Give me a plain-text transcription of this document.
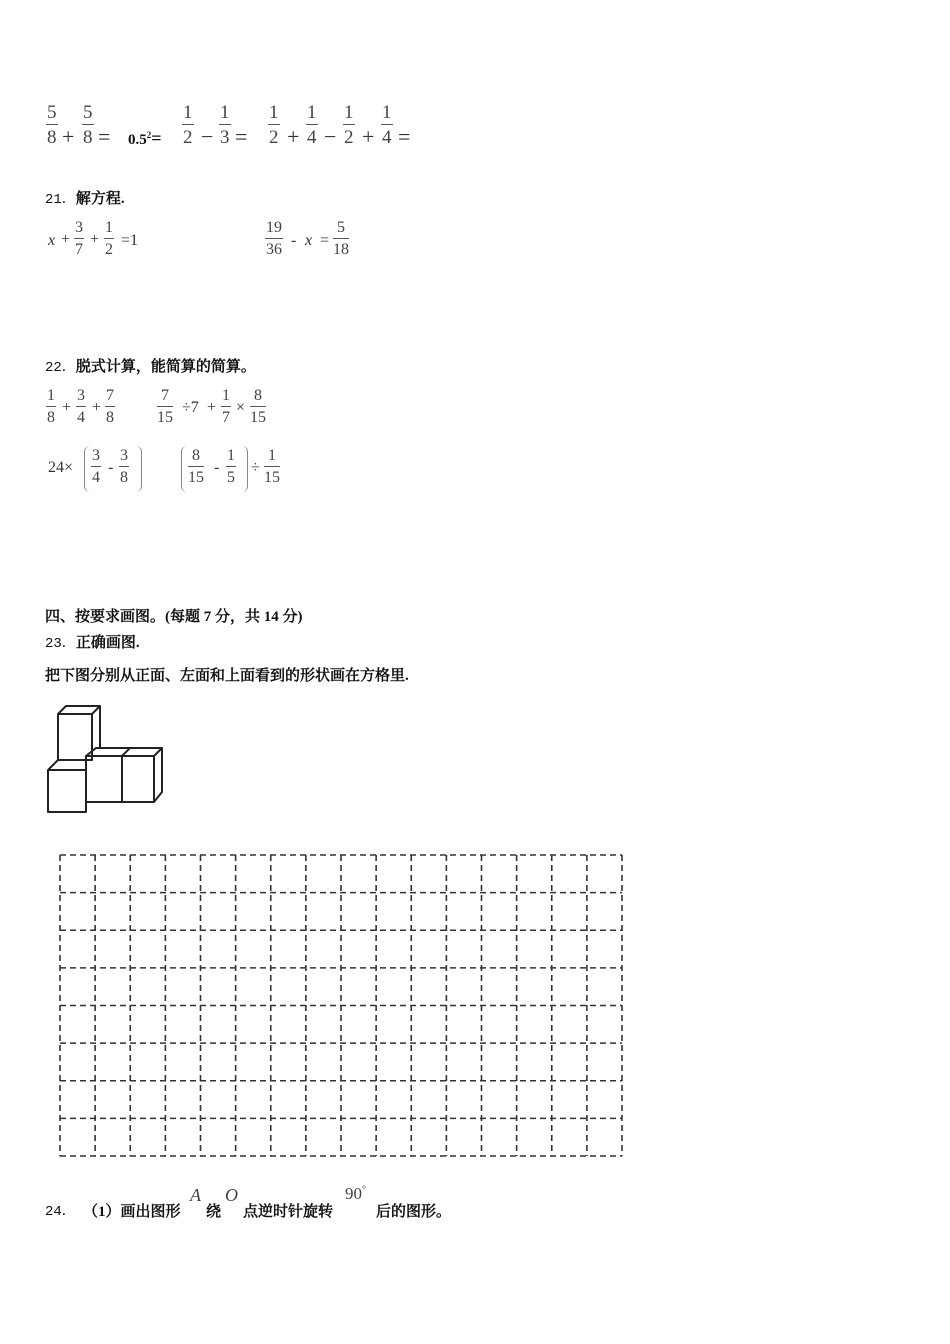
5
8 +
5
$8 = 0.5^2=$
1
2 −
1
3 =
1
2 +
1
4 −
1
2 +
1
4 =
21．解方程.
x +
3
7
+
1
2
=1
19
36
- x =
5
18
22．脱式计算，能简算的简算。
1
8
+
3
4
+
7
8
7
15
÷7 +
1
7
×
8
15
24×
3
4
-
3
8
8
15
-
1
5
÷
1
15
四、按要求画图。(每题 7 分，共 14 分)
23．正确画图.
把下图分别从正面、左面和上面看到的形状画在方格里.
24． （1）画出图形
A
绕
O
点逆时针旋转
90°
后的图形。
